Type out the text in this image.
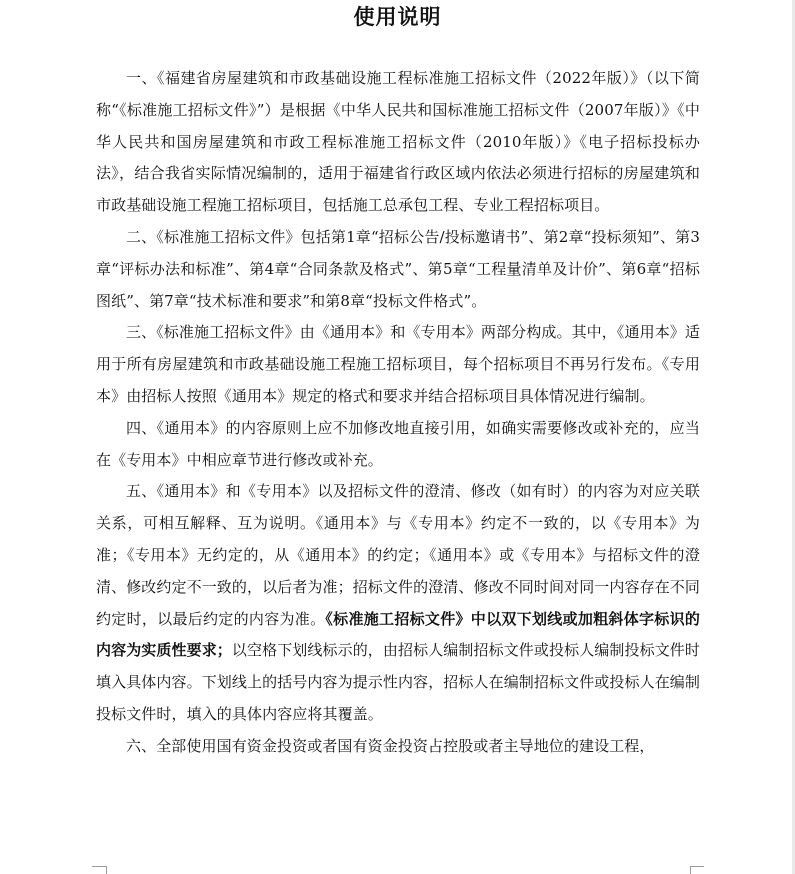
使用说明

一、《福建省房屋建筑和市政基础设施工程标准施工招标文件（2022年版）》（以下简称“《标准施工招标文件》”）是根据《中华人民共和国标准施工招标文件（2007年版）》《中华人民共和国房屋建筑和市政工程标准施工招标文件（2010年版）》《电子招标投标办法》，结合我省实际情况编制的，适用于福建省行政区域内依法必须进行招标的房屋建筑和市政基础设施工程施工招标项目，包括施工总承包工程、专业工程招标项目。

二、《标准施工招标文件》包括第1章“招标公告/投标邀请书”、第2章“投标须知”、第3章“评标办法和标准”、第4章“合同条款及格式”、第5章“工程量清单及计价”、第6章“招标图纸”、第7章“技术标准和要求”和第8章“投标文件格式”。

三、《标准施工招标文件》由《通用本》和《专用本》两部分构成。其中，《通用本》适用于所有房屋建筑和市政基础设施工程施工招标项目，每个招标项目不再另行发布。《专用本》由招标人按照《通用本》规定的格式和要求并结合招标项目具体情况进行编制。

四、《通用本》的内容原则上应不加修改地直接引用，如确实需要修改或补充的，应当在《专用本》中相应章节进行修改或补充。

五、《通用本》和《专用本》以及招标文件的澄清、修改（如有时）的内容为对应关联关系，可相互解释、互为说明。《通用本》与《专用本》约定不一致的，以《专用本》为准；《专用本》无约定的，从《通用本》的约定；《通用本》或《专用本》与招标文件的澄清、修改约定不一致的，以后者为准；招标文件的澄清、修改不同时间对同一内容存在不同约定时，以最后约定的内容为准。《标准施工招标文件》中以双下划线或加粗斜体字标识的内容为实质性要求；以空格下划线标示的，由招标人编制招标文件或投标人编制投标文件时填入具体内容。下划线上的括号内容为提示性内容，招标人在编制招标文件或投标人在编制投标文件时，填入的具体内容应将其覆盖。

六、全部使用国有资金投资或者国有资金投资占控股或者主导地位的建设工程，
